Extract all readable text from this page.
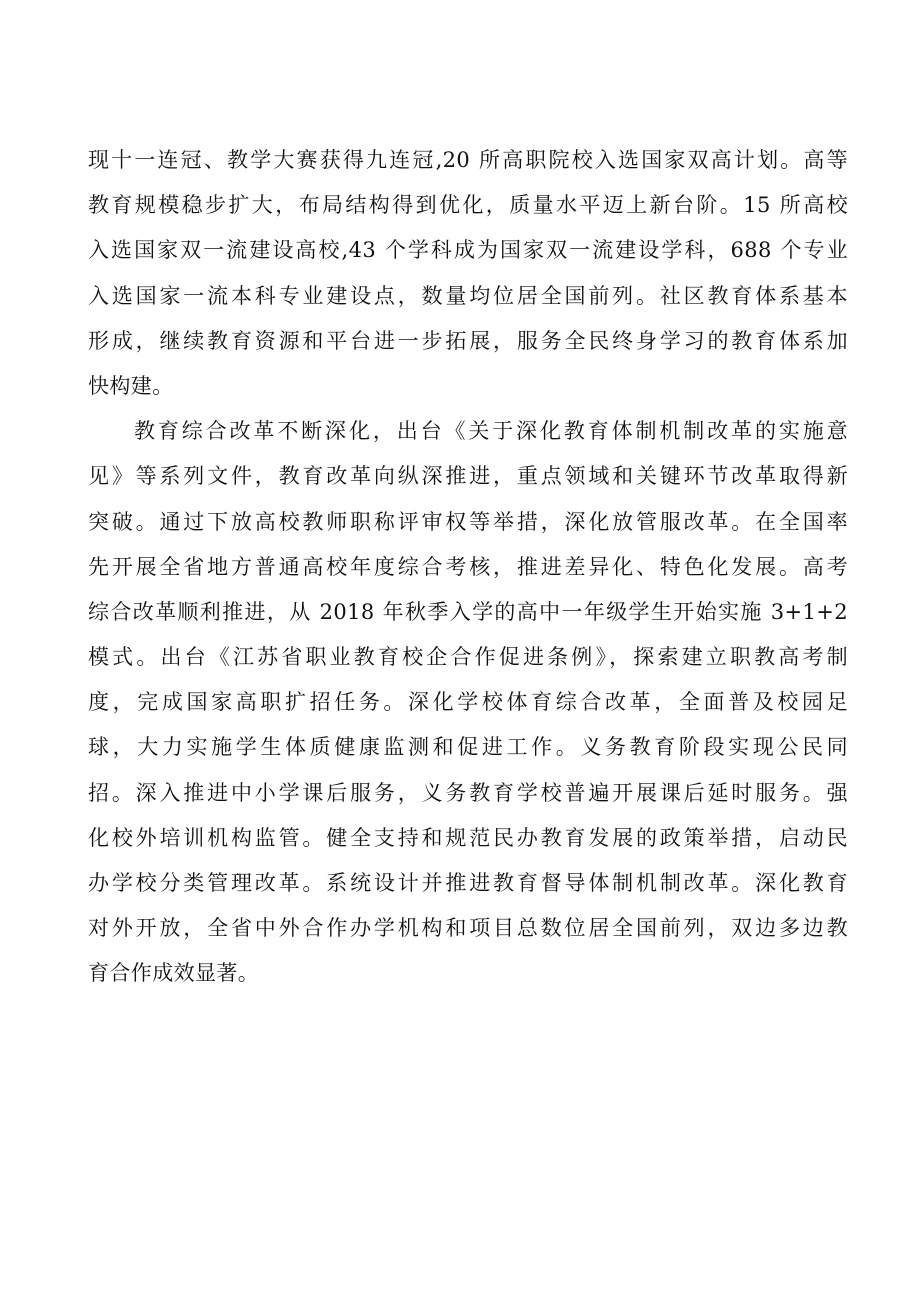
现十一连冠、教学大赛获得九连冠,20 所高职院校入选国家双高计划。高等
教育规模稳步扩大，布局结构得到优化，质量水平迈上新台阶。15 所高校
入选国家双一流建设高校,43 个学科成为国家双一流建设学科，688 个专业
入选国家一流本科专业建设点，数量均位居全国前列。社区教育体系基本
形成，继续教育资源和平台进一步拓展，服务全民终身学习的教育体系加
快构建。
教育综合改革不断深化，出台《关于深化教育体制机制改革的实施意
见》等系列文件，教育改革向纵深推进，重点领域和关键环节改革取得新
突破。通过下放高校教师职称评审权等举措，深化放管服改革。在全国率
先开展全省地方普通高校年度综合考核，推进差异化、特色化发展。高考
综合改革顺利推进，从 2018 年秋季入学的高中一年级学生开始实施 3+1+2
模式。出台《江苏省职业教育校企合作促进条例》，探索建立职教高考制
度，完成国家高职扩招任务。深化学校体育综合改革，全面普及校园足
球，大力实施学生体质健康监测和促进工作。义务教育阶段实现公民同
招。深入推进中小学课后服务，义务教育学校普遍开展课后延时服务。强
化校外培训机构监管。健全支持和规范民办教育发展的政策举措，启动民
办学校分类管理改革。系统设计并推进教育督导体制机制改革。深化教育
对外开放，全省中外合作办学机构和项目总数位居全国前列，双边多边教
育合作成效显著。
